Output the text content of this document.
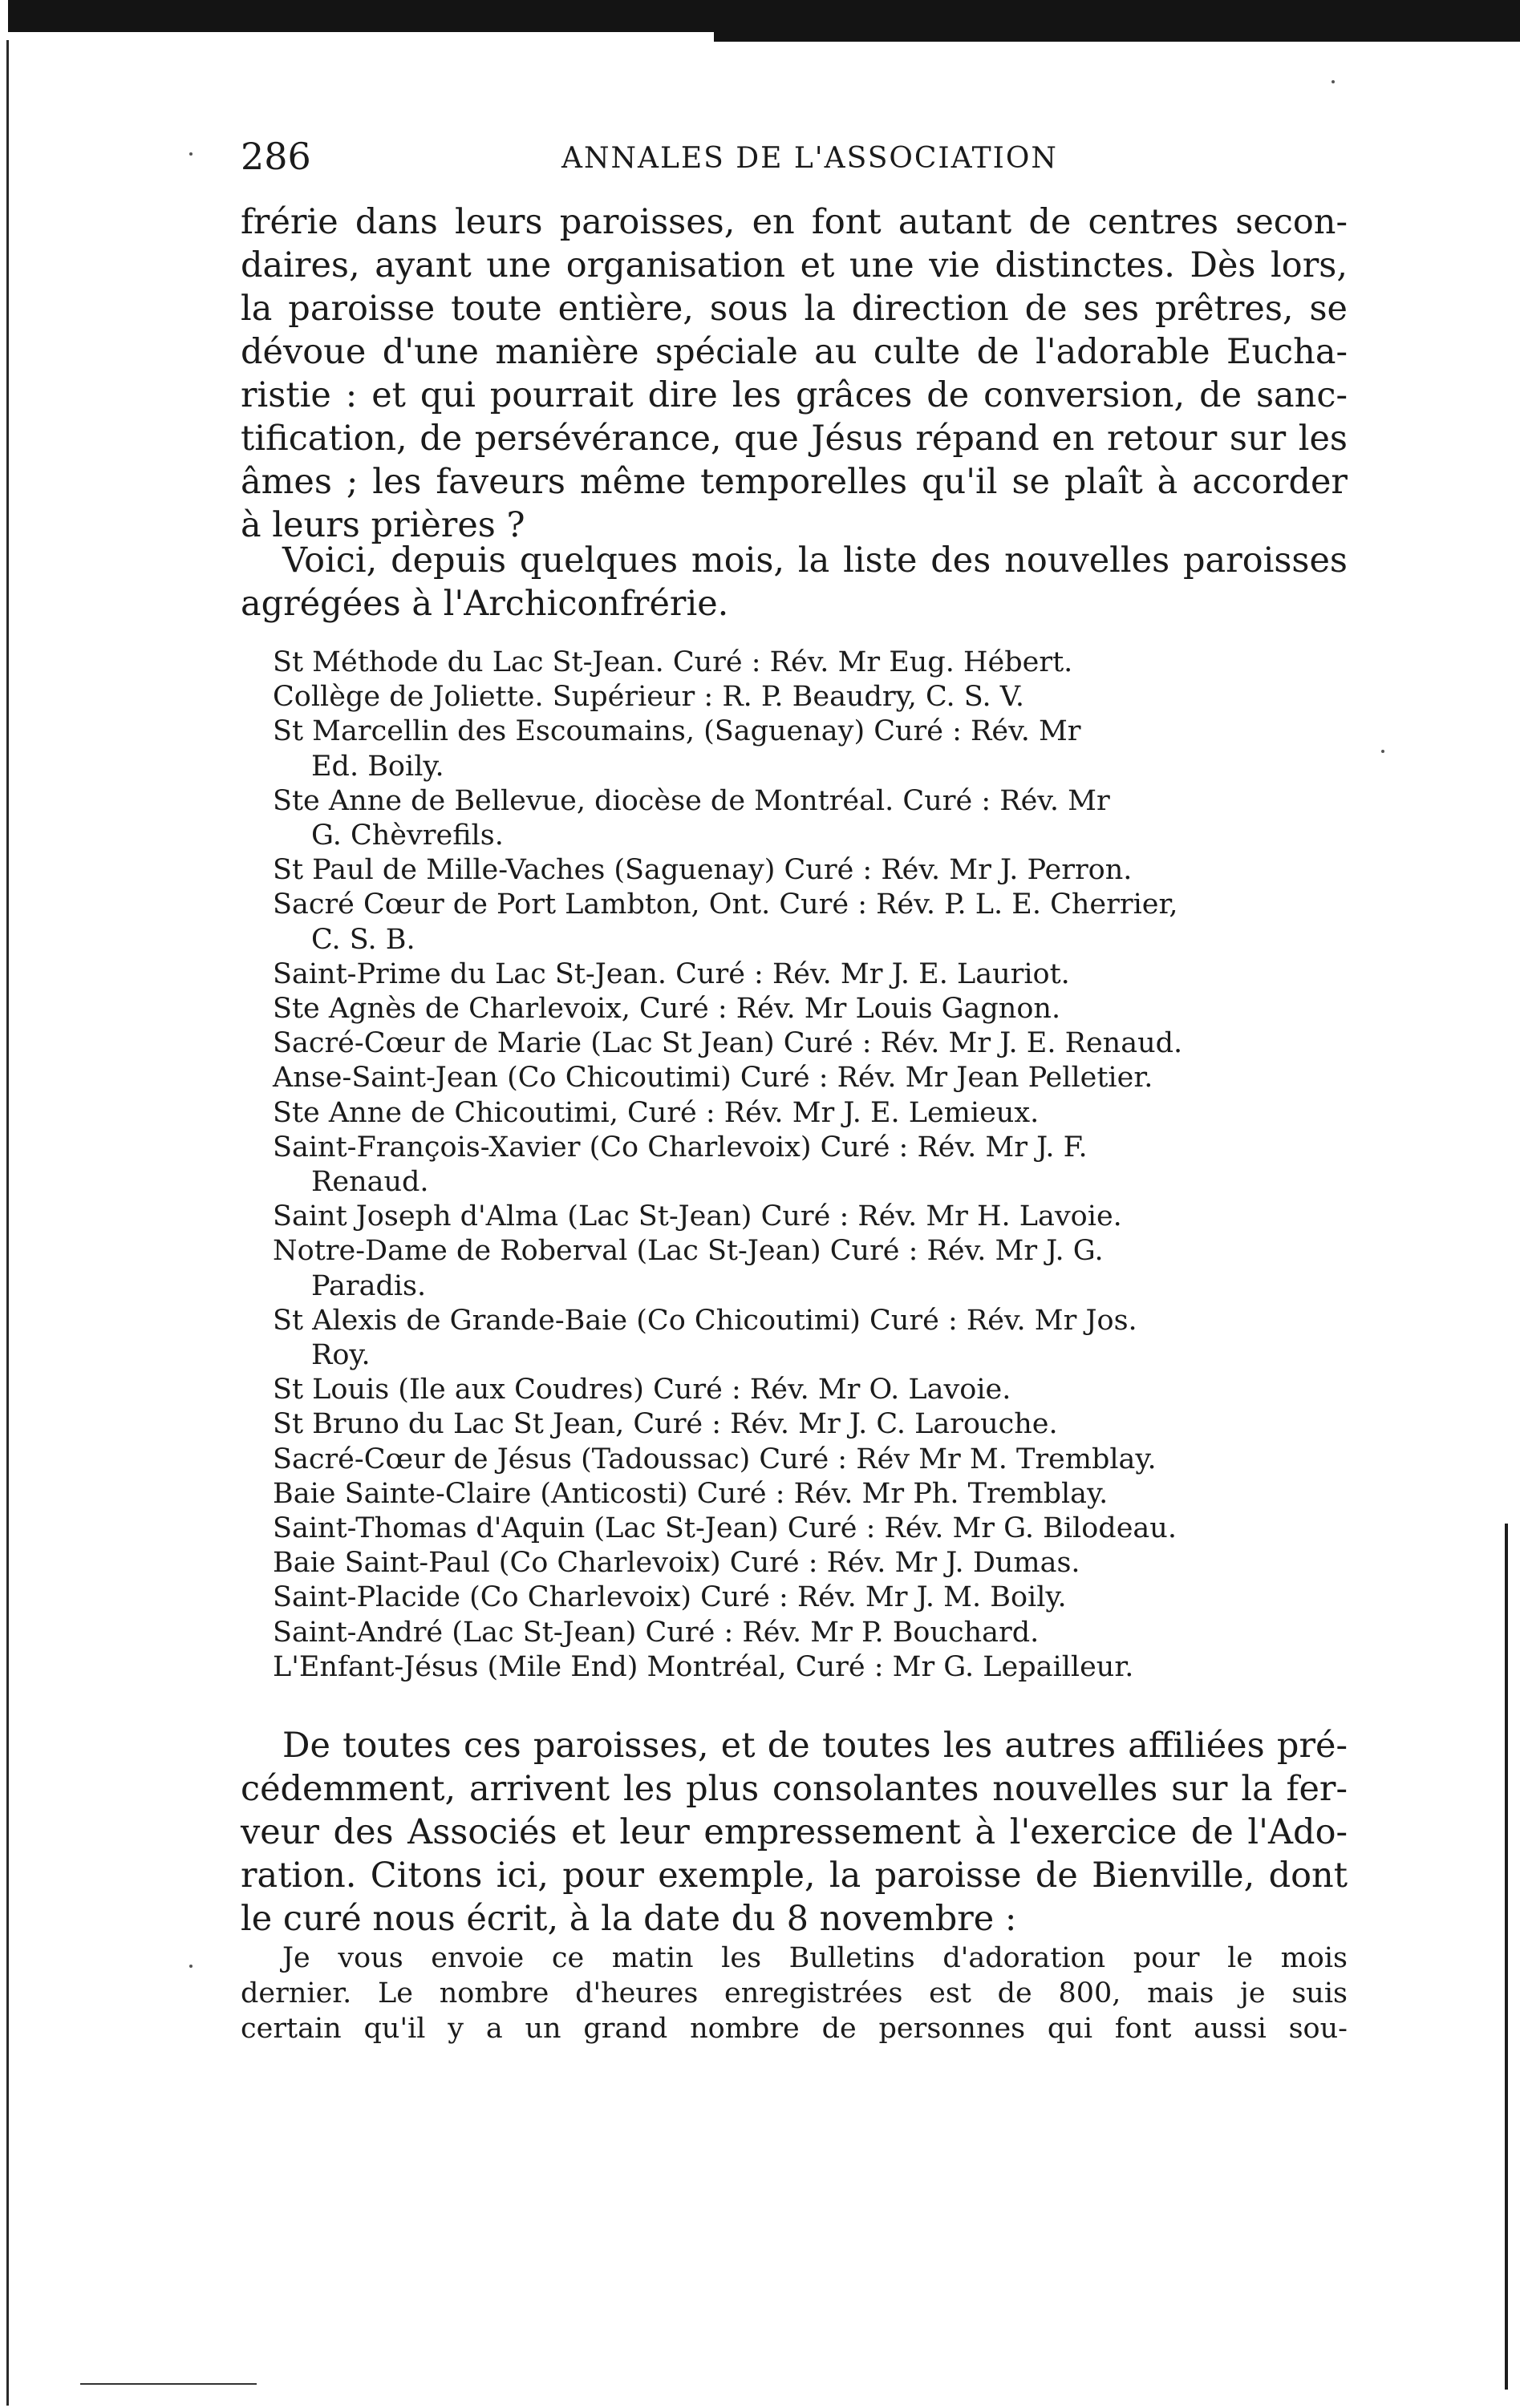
286	ANNALES DE L'ASSOCIATION
frérie dans leurs paroisses, en font autant de centres secon-
daires, ayant une organisation et une vie distinctes. Dès lors,
la paroisse toute entière, sous la direction de ses prêtres, se
dévoue d'une manière spéciale au culte de l'adorable Eucha-
ristie : et qui pourrait dire les grâces de conversion, de sanc-
tification, de persévérance, que Jésus répand en retour sur les
âmes ; les faveurs même temporelles qu'il se plaît à accorder
à leurs prières ?
Voici, depuis quelques mois, la liste des nouvelles paroisses
agrégées à l'Archiconfrérie.
St Méthode du Lac St-Jean. Curé : Rév. Mr Eug. Hébert.
Collège de Joliette. Supérieur : R. P. Beaudry, C. S. V.
St Marcellin des Escoumains, (Saguenay) Curé : Rév. Mr
Ed. Boily.
Ste Anne de Bellevue, diocèse de Montréal. Curé : Rév. Mr
G. Chèvrefils.
St Paul de Mille-Vaches (Saguenay) Curé : Rév. Mr J. Perron.
Sacré Cœur de Port Lambton, Ont. Curé : Rév. P. L. E. Cherrier,
C. S. B.
Saint-Prime du Lac St-Jean. Curé : Rév. Mr J. E. Lauriot.
Ste Agnès de Charlevoix, Curé : Rév. Mr Louis Gagnon.
Sacré-Cœur de Marie (Lac St Jean) Curé : Rév. Mr J. E. Renaud.
Anse-Saint-Jean (Co Chicoutimi) Curé : Rév. Mr Jean Pelletier.
Ste Anne de Chicoutimi, Curé : Rév. Mr J. E. Lemieux.
Saint-François-Xavier (Co Charlevoix) Curé : Rév. Mr J. F.
Renaud.
Saint Joseph d'Alma (Lac St-Jean) Curé : Rév. Mr H. Lavoie.
Notre-Dame de Roberval (Lac St-Jean) Curé : Rév. Mr J. G.
Paradis.
St Alexis de Grande-Baie (Co Chicoutimi) Curé : Rév. Mr Jos.
Roy.
St Louis (Ile aux Coudres) Curé : Rév. Mr O. Lavoie.
St Bruno du Lac St Jean, Curé : Rév. Mr J. C. Larouche.
Sacré-Cœur de Jésus (Tadoussac) Curé : Rév Mr M. Tremblay.
Baie Sainte-Claire (Anticosti) Curé : Rév. Mr Ph. Tremblay.
Saint-Thomas d'Aquin (Lac St-Jean) Curé : Rév. Mr G. Bilodeau.
Baie Saint-Paul (Co Charlevoix) Curé : Rév. Mr J. Dumas.
Saint-Placide (Co Charlevoix) Curé : Rév. Mr J. M. Boily.
Saint-André (Lac St-Jean) Curé : Rév. Mr P. Bouchard.
L'Enfant-Jésus (Mile End) Montréal, Curé : Mr G. Lepailleur.
De toutes ces paroisses, et de toutes les autres affiliées pré-
cédemment, arrivent les plus consolantes nouvelles sur la fer-
veur des Associés et leur empressement à l'exercice de l'Ado-
ration. Citons ici, pour exemple, la paroisse de Bienville, dont
le curé nous écrit, à la date du 8 novembre :
Je vous envoie ce matin les Bulletins d'adoration pour le mois
dernier. Le nombre d'heures enregistrées est de 800, mais je suis
certain qu'il y a un grand nombre de personnes qui font aussi sou-
